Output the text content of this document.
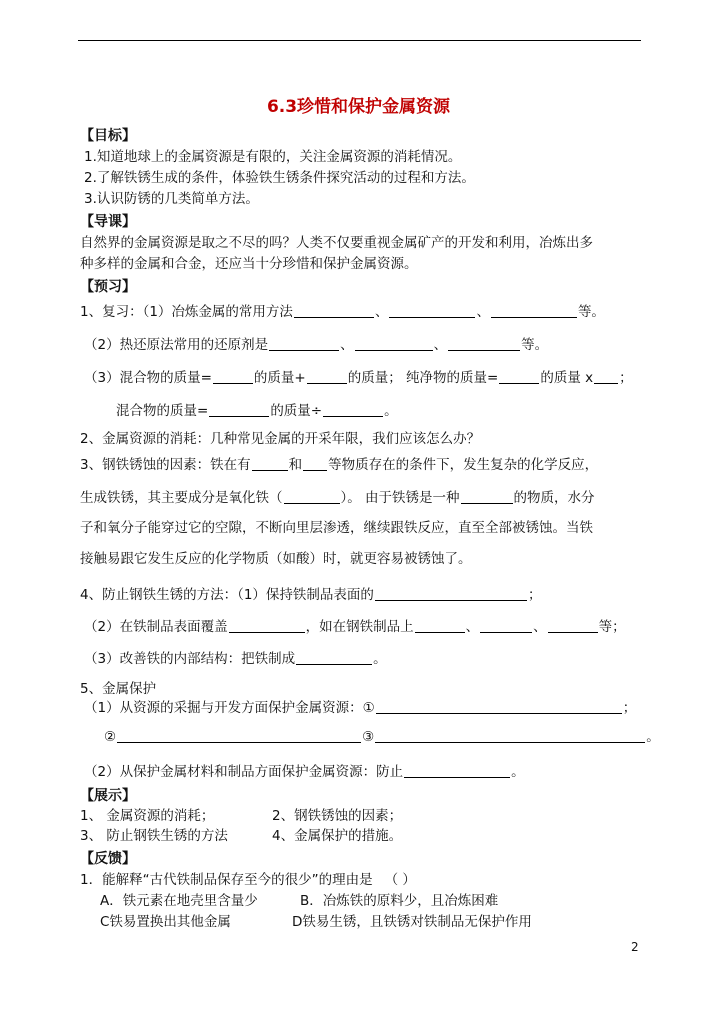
6.3珍惜和保护金属资源
【目标】
1.知道地球上的金属资源是有限的，关注金属资源的消耗情况。
2.了解铁锈生成的条件，体验铁生锈条件探究活动的过程和方法。
3.认识防锈的几类简单方法。
【导课】
自然界的金属资源是取之不尽的吗？人类不仅要重视金属矿产的开发和利用，冶炼出多
种多样的金属和合金，还应当十分珍惜和保护金属资源。
【预习】
1、复习：（1）冶炼金属的常用方法	、	、	等。
（2）热还原法常用的还原剂是	、	、	等。
（3）混合物的质量=	的质量+	的质量； 纯净物的质量=	的质量 x ；
混合物的质量=	的质量÷	。
2、金属资源的消耗：几种常见金属的开采年限，我们应该怎么办？
3、钢铁锈蚀的因素：铁在有	和 等物质存在的条件下，发生复杂的化学反应，
生成铁锈，其主要成分是氧化铁（	）。 由于铁锈是一种	的物质，水分
子和氧分子能穿过它的空隙，不断向里层渗透，继续跟铁反应，直至全部被锈蚀。当铁
接触易跟它发生反应的化学物质（如酸）时，就更容易被锈蚀了。
4、防止钢铁生锈的方法：（1）保持铁制品表面的	；
（2）在铁制品表面覆盖	，如在钢铁制品上	、	、	等；
（3）改善铁的内部结构：把铁制成	。
5、金属保护
（1）从资源的采掘与开发方面保护金属资源：①	；
②	③	。
（2）从保护金属材料和制品方面保护金属资源：防止	。
【展示】
1、 金属资源的消耗；	2、钢铁锈蚀的因素；
3、 防止钢铁生锈的方法	4、金属保护的措施。
【反馈】
1．能解释“古代铁制品保存至今的很少”的理由是 （ ）
A．铁元素在地壳里含量少	B．冶炼铁的原料少，且冶炼困难
C铁易置换出其他金属	D铁易生锈，且铁锈对铁制品无保护作用
2
